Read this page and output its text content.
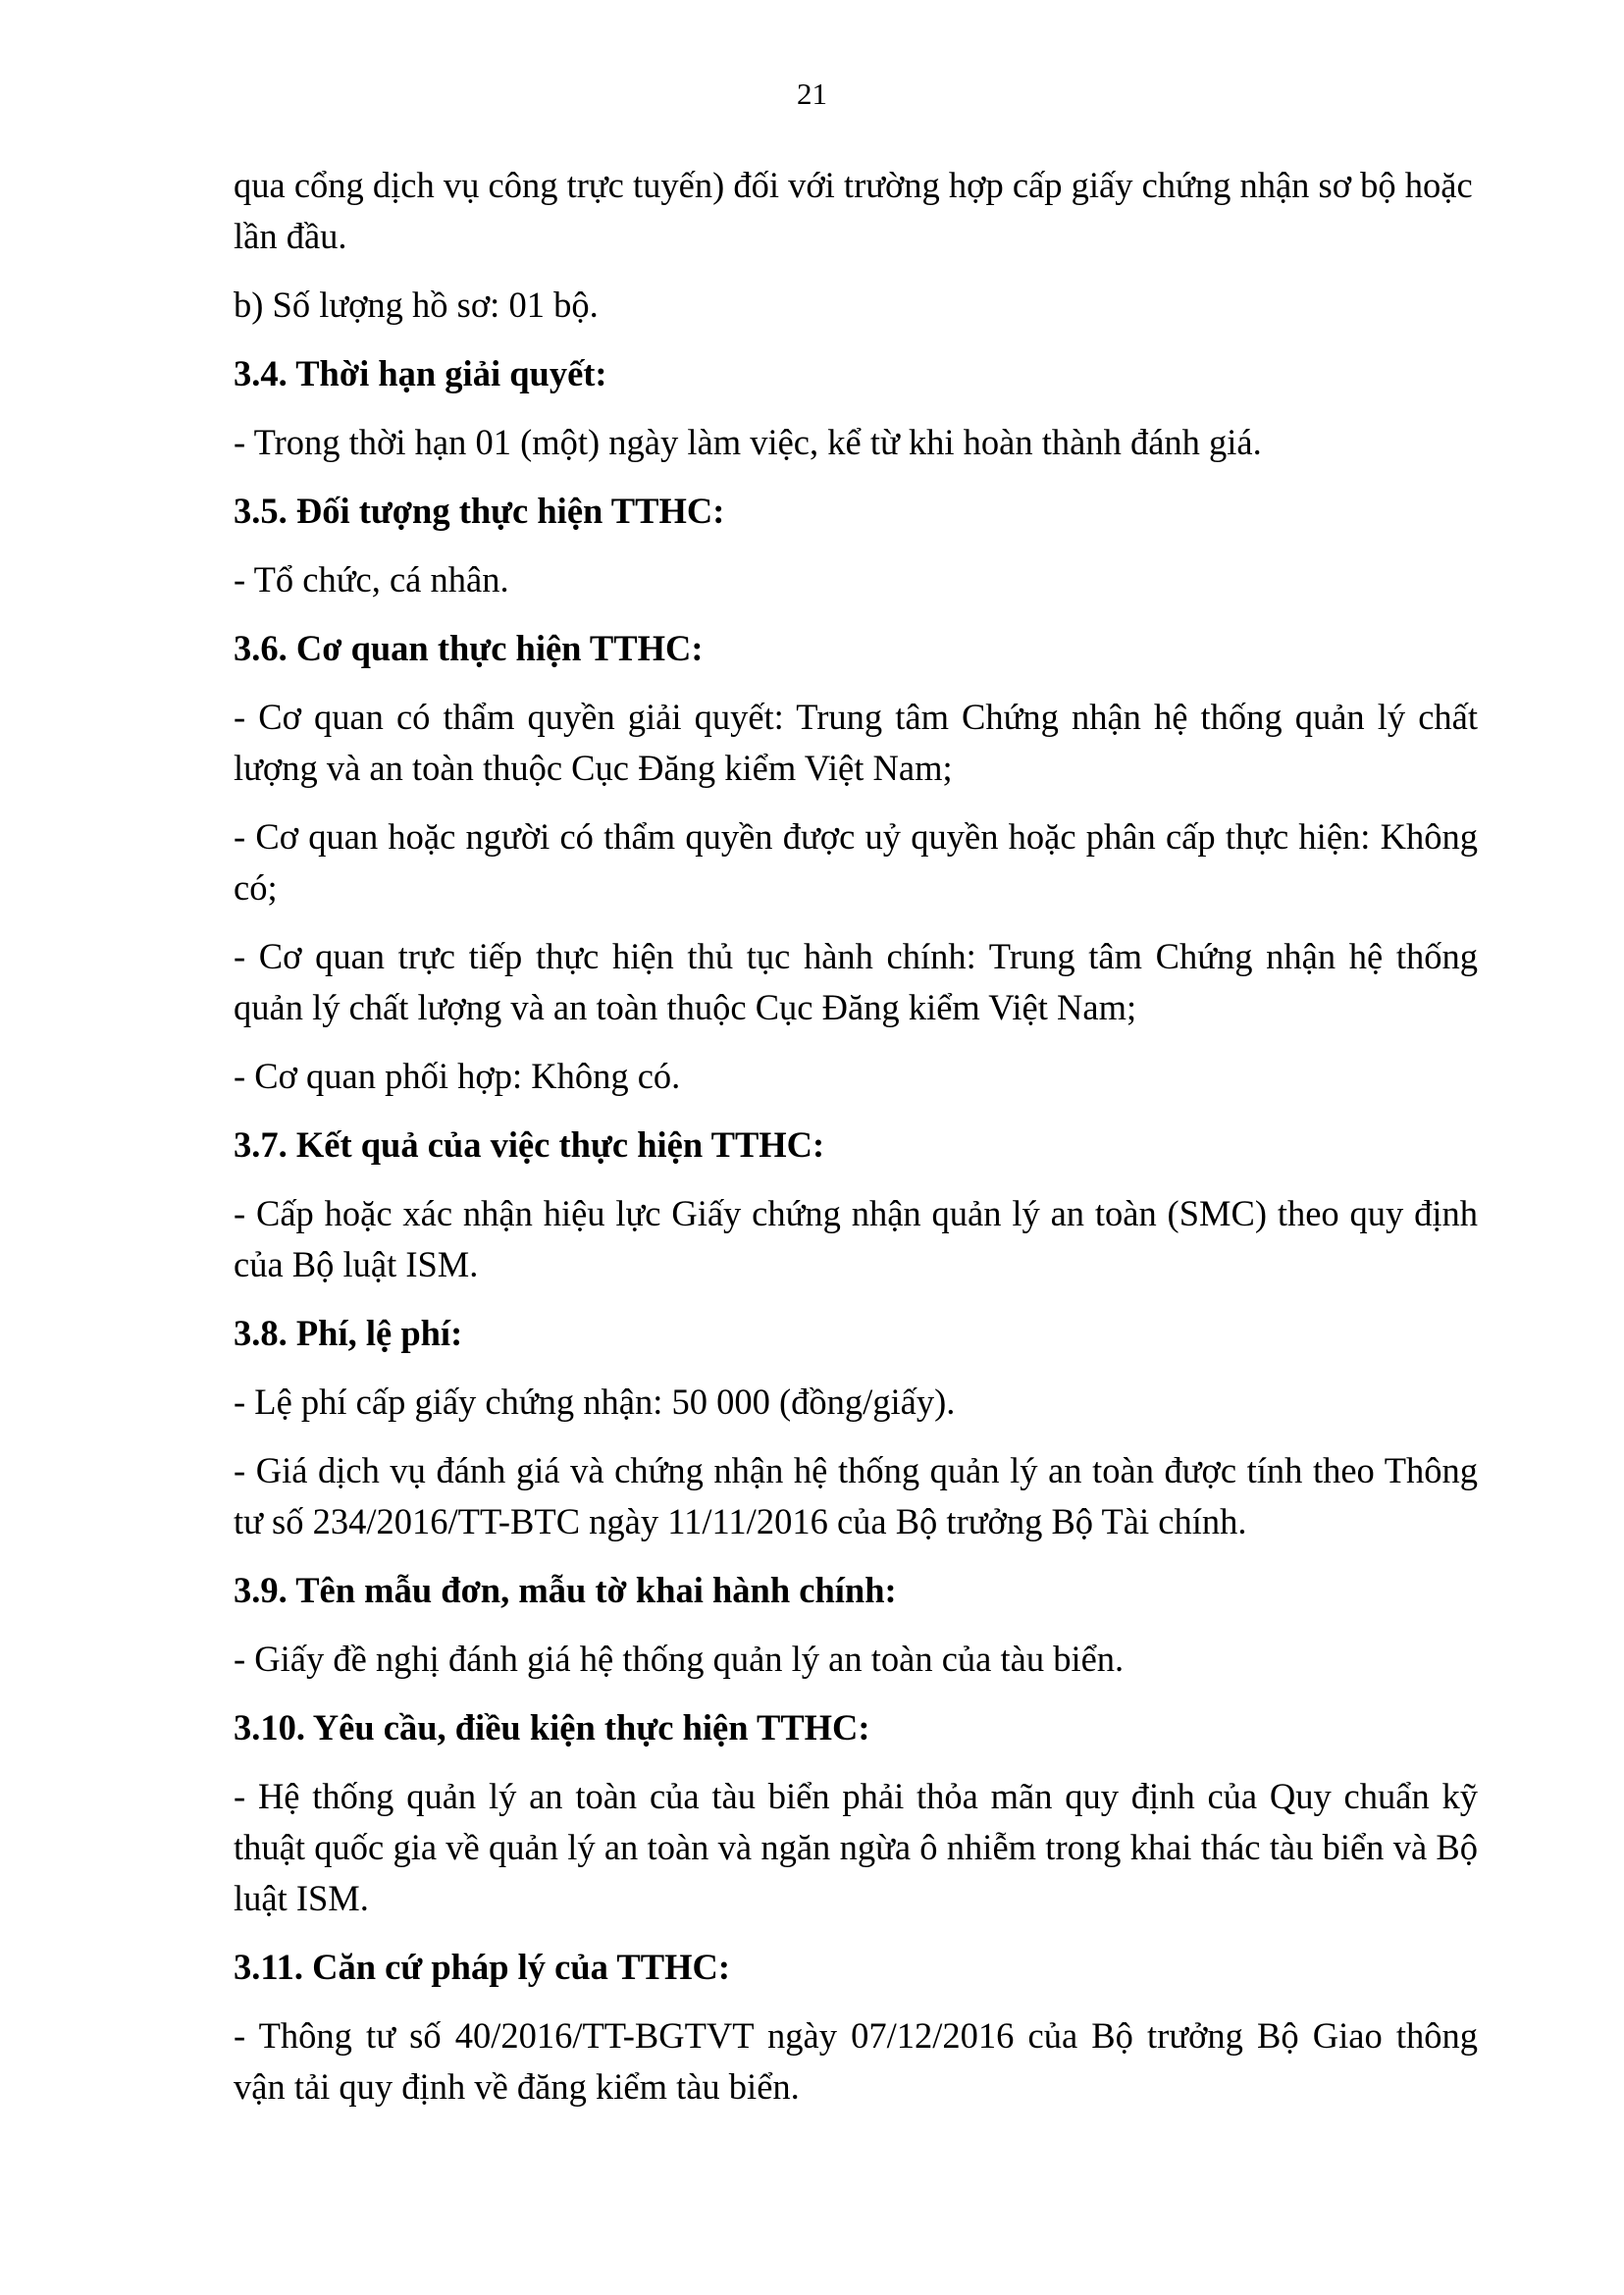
21

qua cổng dịch vụ công trực tuyến) đối với trường hợp cấp giấy chứng nhận sơ bộ hoặc lần đầu.

b) Số lượng hồ sơ: 01 bộ.

3.4. Thời hạn giải quyết:

- Trong thời hạn 01 (một) ngày làm việc, kể từ khi hoàn thành đánh giá.

3.5. Đối tượng thực hiện TTHC:

- Tổ chức, cá nhân.

3.6. Cơ quan thực hiện TTHC:

- Cơ quan có thẩm quyền giải quyết: Trung tâm Chứng nhận hệ thống quản lý chất lượng và an toàn thuộc Cục Đăng kiểm Việt Nam;

- Cơ quan hoặc người có thẩm quyền được uỷ quyền hoặc phân cấp thực hiện: Không có;

- Cơ quan trực tiếp thực hiện thủ tục hành chính: Trung tâm Chứng nhận hệ thống quản lý chất lượng và an toàn thuộc Cục Đăng kiểm Việt Nam;

- Cơ quan phối hợp: Không có.

3.7. Kết quả của việc thực hiện TTHC:

- Cấp hoặc xác nhận hiệu lực Giấy chứng nhận quản lý an toàn (SMC) theo quy định của Bộ luật ISM.

3.8. Phí, lệ phí:

- Lệ phí cấp giấy chứng nhận: 50 000 (đồng/giấy).

- Giá dịch vụ đánh giá và chứng nhận hệ thống quản lý an toàn được tính theo Thông tư số 234/2016/TT-BTC ngày 11/11/2016 của Bộ trưởng Bộ Tài chính.

3.9. Tên mẫu đơn, mẫu tờ khai hành chính:

- Giấy đề nghị đánh giá hệ thống quản lý an toàn của tàu biển.

3.10. Yêu cầu, điều kiện thực hiện TTHC:

- Hệ thống quản lý an toàn của tàu biển phải thỏa mãn quy định của Quy chuẩn kỹ thuật quốc gia về quản lý an toàn và ngăn ngừa ô nhiễm trong khai thác tàu biển và Bộ luật ISM.

3.11. Căn cứ pháp lý của TTHC:

- Thông tư số 40/2016/TT-BGTVT ngày 07/12/2016 của Bộ trưởng Bộ Giao thông vận tải quy định về đăng kiểm tàu biển.
